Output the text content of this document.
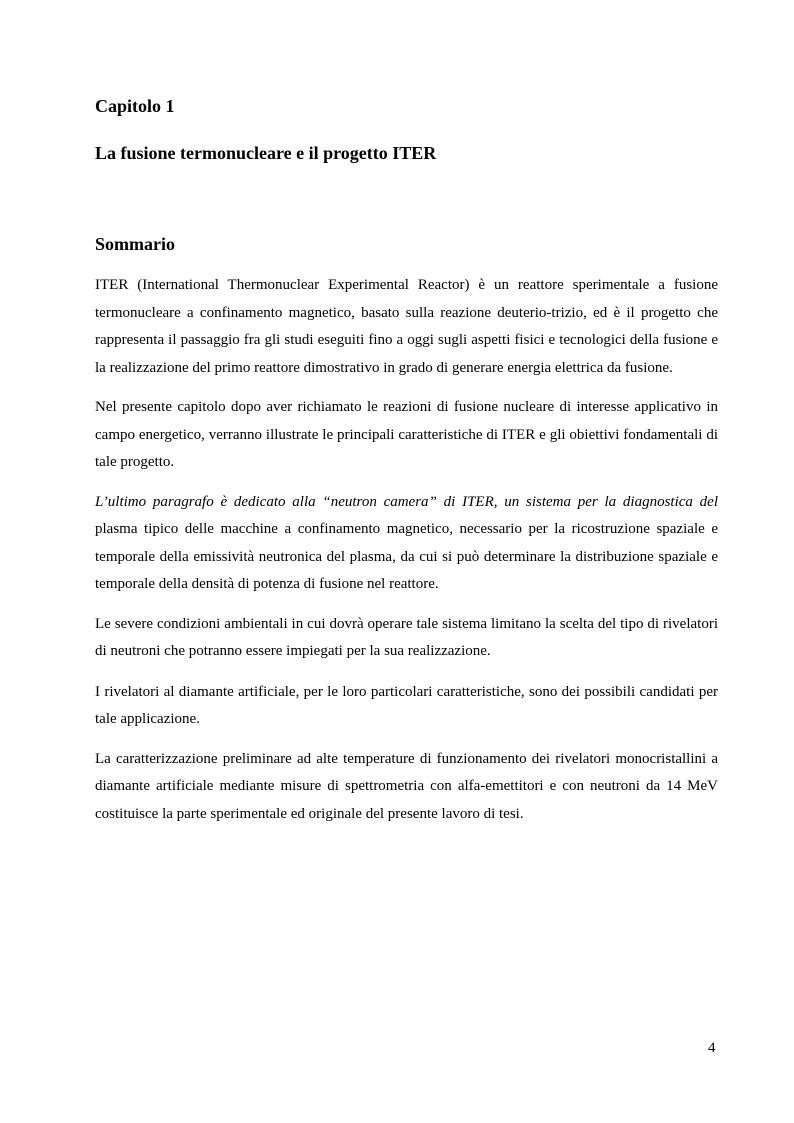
Capitolo 1
La fusione termonucleare e il progetto ITER
Sommario

ITER (International Thermonuclear Experimental Reactor) è un reattore sperimentale a fusione termonucleare a confinamento magnetico, basato sulla reazione deuterio-trizio, ed è il progetto che rappresenta il passaggio fra gli studi eseguiti fino a oggi sugli aspetti fisici e tecnologici della fusione e la realizzazione del primo reattore dimostrativo in grado di generare energia elettrica da fusione.

Nel presente capitolo dopo aver richiamato le reazioni di fusione nucleare di interesse applicativo in campo energetico, verranno illustrate le principali caratteristiche di ITER e gli obiettivi fondamentali di tale progetto.

L’ultimo paragrafo è dedicato alla “neutron camera” di ITER, un sistema per la diagnostica del plasma tipico delle macchine a confinamento magnetico, necessario per la ricostruzione spaziale e temporale della emissività neutronica del plasma, da cui si può determinare la distribuzione spaziale e temporale della densità di potenza di fusione nel reattore.

Le severe condizioni ambientali in cui dovrà operare tale sistema limitano la scelta del tipo di rivelatori di neutroni che potranno essere impiegati per la sua realizzazione.

I rivelatori al diamante artificiale, per le loro particolari caratteristiche, sono dei possibili candidati per tale applicazione.

La caratterizzazione preliminare ad alte temperature di funzionamento dei rivelatori monocristallini a diamante artificiale mediante misure di spettrometria con alfa-emettitori e con neutroni da 14 MeV costituisce la parte sperimentale ed originale del presente lavoro di tesi.

4
